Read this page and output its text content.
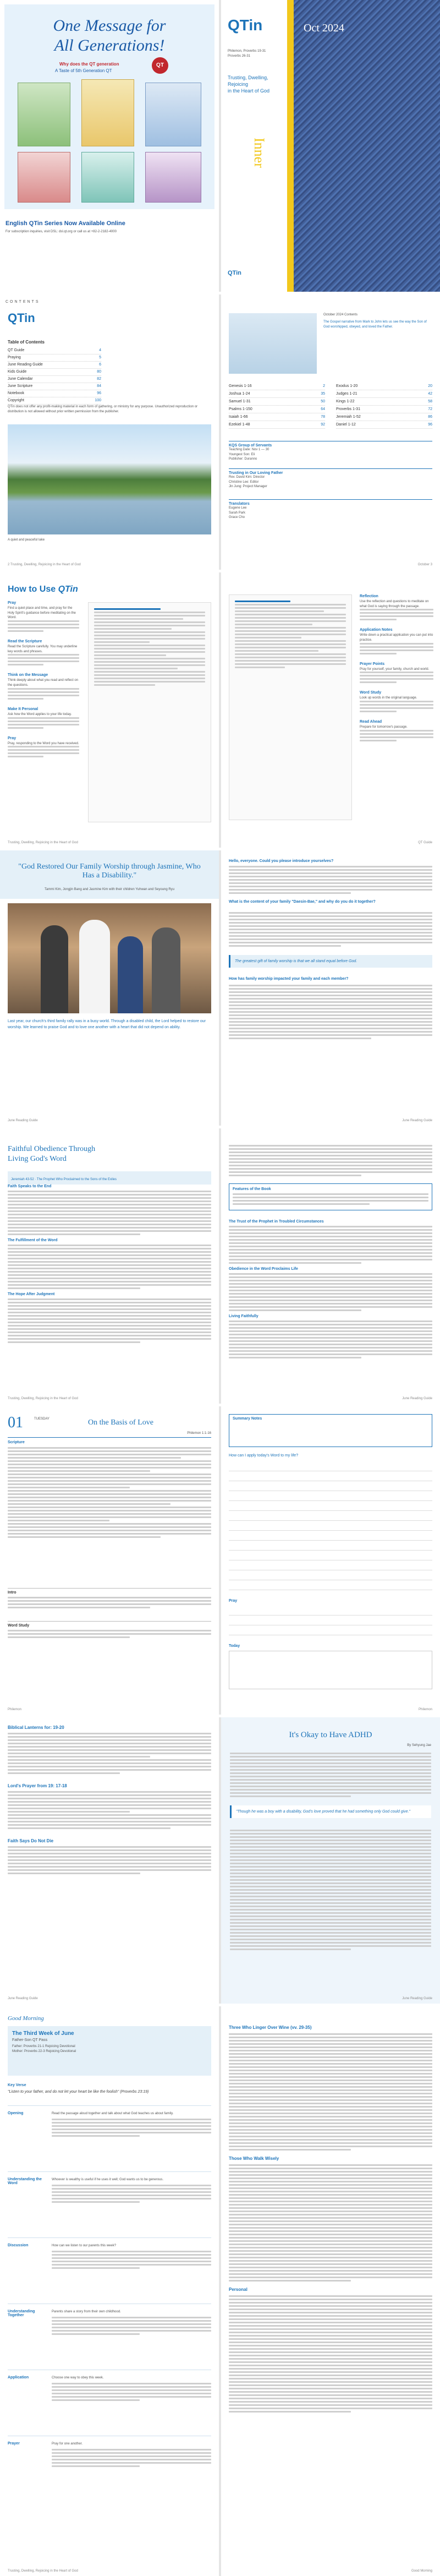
One Message for
All Generations!
Why does the QT generation
A Taste of 5th Generation QT
QT
English QTin Series Now Available Online
For subscription inquiries, visit DSL: dsl.qt.org or call us at +82-2-2182-4000
QTin
Philemon, Proverbs 19-31
Proverbs 26-31
Trusting, Dwelling,
Rejoicing
in the Heart of God
Inner
QTin
Oct 2024
CONTENTS
QTin
Table of Contents
QT Guide	4
Praying	5
June Reading Guide	6
Kids Guide	80
June Calendar	82
June Scripture	84
Notebook	96
Copyright	100
QTin does not offer any profit-making material in each form of gathering, or ministry for any purpose. Unauthorized reproduction or distribution is not allowed without prior written permission from the publisher.
A quiet and peaceful lake
2 Trusting, Dwelling, Rejoicing in the Heart of God
October 2024 Contents
The Gospel narrative from Mark to John lets us see the way the Son of God worshipped, obeyed, and loved the Father.
Genesis 1-16	2	Exodus 1-20	20
Joshua 1-24	35	Judges 1-21	42
Samuel 1-31	50	Kings 1-22	58
Psalms 1-150	64	Proverbs 1-31	72
Isaiah 1-66	78	Jeremiah 1-52	86
Ezekiel 1-48	92	Daniel 1-12	96
KQS Group of Servants
Teaching Date: Nov 1 — 30
Youngest Son: Eli
Publisher: Duranno
Trusting in Our Loving Father
Rev. David Kim: Director
Christine Lee: Editor
Jin Jung: Project Manager
Translators
Eugene Lee
Sarah Park
Grace Cho
October 3
How to Use QTin
Pray
Find a quiet place and time, and pray for the Holy Spirit's guidance before meditating on the Word.
Read the Scripture
Read the Scripture carefully. You may underline key words and phrases.
Think on the Message
Think deeply about what you read and reflect on the questions.
Make It Personal
Ask how the Word applies to your life today.
Pray
Pray, responding to the Word you have received.
Trusting, Dwelling, Rejoicing in the Heart of God
Reflection
Use the reflection and questions to meditate on what God is saying through the passage.
Application Notes
Write down a practical application you can put into practice.
Prayer Points
Pray for yourself, your family, church and world.
Word Study
Look up words in the original language.
Read Ahead
Prepare for tomorrow's passage.
QT Guide
"God Restored Our Family Worship through Jasmine, Who Has a Disability."
Tammi Kim, Jongjin Bang and Jasmine Kim with their children Yuhwan and Seyoung Ryu
Last year, our church's third family rally was in a busy world. Through a disabled child, the Lord helped to restore our worship. We learned to praise God and to love one another with a heart that did not depend on ability.
June Reading Guide
Hello, everyone. Could you please introduce yourselves?
What is the content of your family "Daesin-Bae," and why do you do it together?
The greatest gift of family worship is that we all stand equal before God.
How has family worship impacted your family and each member?
June Reading Guide
Faithful Obedience Through
Living God's Word
Jeremiah 43-52 · The Prophet Who Proclaimed to the Sons of the Exiles
Faith Speaks to the End
The Fulfillment of the Word
The Hope After Judgment
Trusting, Dwelling, Rejoicing in the Heart of God
Features of the Book
The Trust of the Prophet in Troubled Circumstances
Obedience in the Word Proclaims Life
Living Faithfully
June Reading Guide
01	TUESDAY	On the Basis of Love
Philemon 1:1-16
Scripture
Intro
Word Study
Philemon
Summary Notes
How can I apply today's Word to my life?
Pray
Today
Philemon
Biblical Lanterns for: 19-20
Lord's Prayer from 19: 17-18
Faith Says Do Not Die
June Reading Guide
It's Okay to Have ADHD
By Sehyung Jae
"Though he was a boy with a disability, God's love proved that he had something only God could give."
June Reading Guide
Good Morning
The Third Week of June
Father-Son QT Pass
Father: Proverbs 21-1 Rejoicing Devotional
Mother: Proverbs 22-3 Rejoicing Devotional
Key Verse
"Listen to your father, and do not let your heart be like the foolish" (Proverbs 23:19)
Opening	Read the passage aloud together and talk about what God teaches us about family.
Understanding the Word
Whoever is wealthy is useful if he uses it well; God wants us to be generous.
Discussion	How can we listen to our parents this week?
Understanding Together
Parents share a story from their own childhood.
Application	Choose one way to obey this week.
Prayer	Pray for one another.
Trusting, Dwelling, Rejoicing in the Heart of God
Three Who Linger Over Wine (vv. 29-35)
Those Who Walk Wisely
Personal
Good Morning
